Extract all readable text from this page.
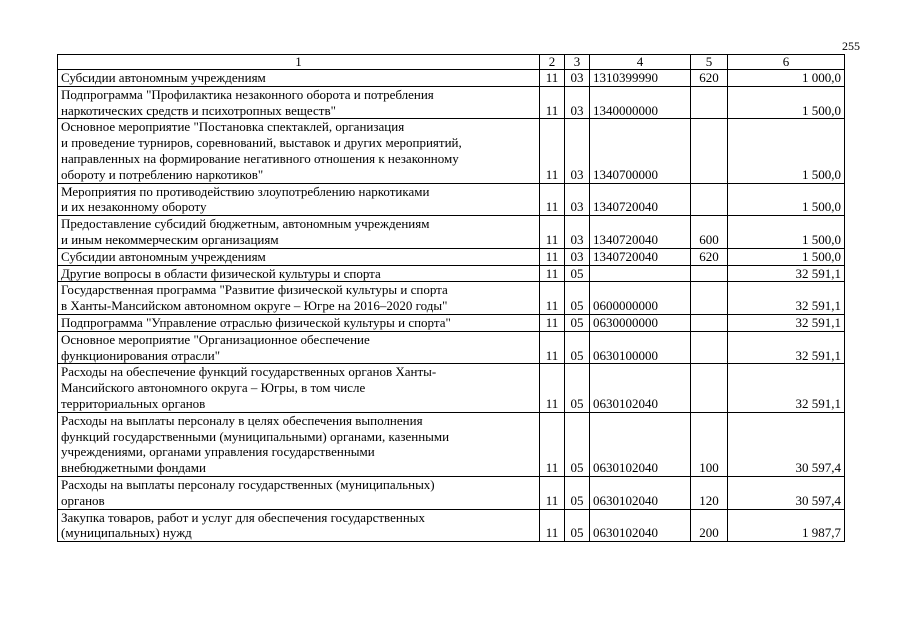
255
1	2	3	4	5	6

Субсидии автономным учреждениям	11	03	1310399990	620	1 000,0

Подпрограмма "Профилактика незаконного оборота и потребления
наркотических средств и психотропных веществ"	11	03	1340000000		1 500,0

Основное мероприятие "Постановка спектаклей, организация
и проведение турниров, соревнований, выставок и других мероприятий,
направленных на формирование негативного отношения к незаконному
обороту и потреблению наркотиков"	11	03	1340700000		1 500,0

Мероприятия по противодействию злоупотреблению наркотиками
и их незаконному обороту	11	03	1340720040		1 500,0

Предоставление субсидий бюджетным, автономным учреждениям
и иным некоммерческим организациям	11	03	1340720040	600	1 500,0

Субсидии автономным учреждениям	11	03	1340720040	620	1 500,0

Другие вопросы в области физической культуры и спорта	11	05			32 591,1

Государственная программа "Развитие физической культуры и спорта
в Ханты-Мансийском автономном округе – Югре на 2016–2020 годы"	11	05	0600000000		32 591,1

Подпрограмма "Управление отраслью физической культуры и спорта"	11	05	0630000000		32 591,1

Основное мероприятие "Организационное обеспечение
функционирования отрасли"	11	05	0630100000		32 591,1

Расходы на обеспечение функций государственных органов Ханты-
Мансийского автономного округа – Югры, в том числе
территориальных органов	11	05	0630102040		32 591,1

Расходы на выплаты персоналу в целях обеспечения выполнения
функций государственными (муниципальными) органами, казенными
учреждениями, органами управления государственными
внебюджетными фондами	11	05	0630102040	100	30 597,4

Расходы на выплаты персоналу государственных (муниципальных)
органов	11	05	0630102040	120	30 597,4

Закупка товаров, работ и услуг для обеспечения государственных
(муниципальных) нужд	11	05	0630102040	200	1 987,7
